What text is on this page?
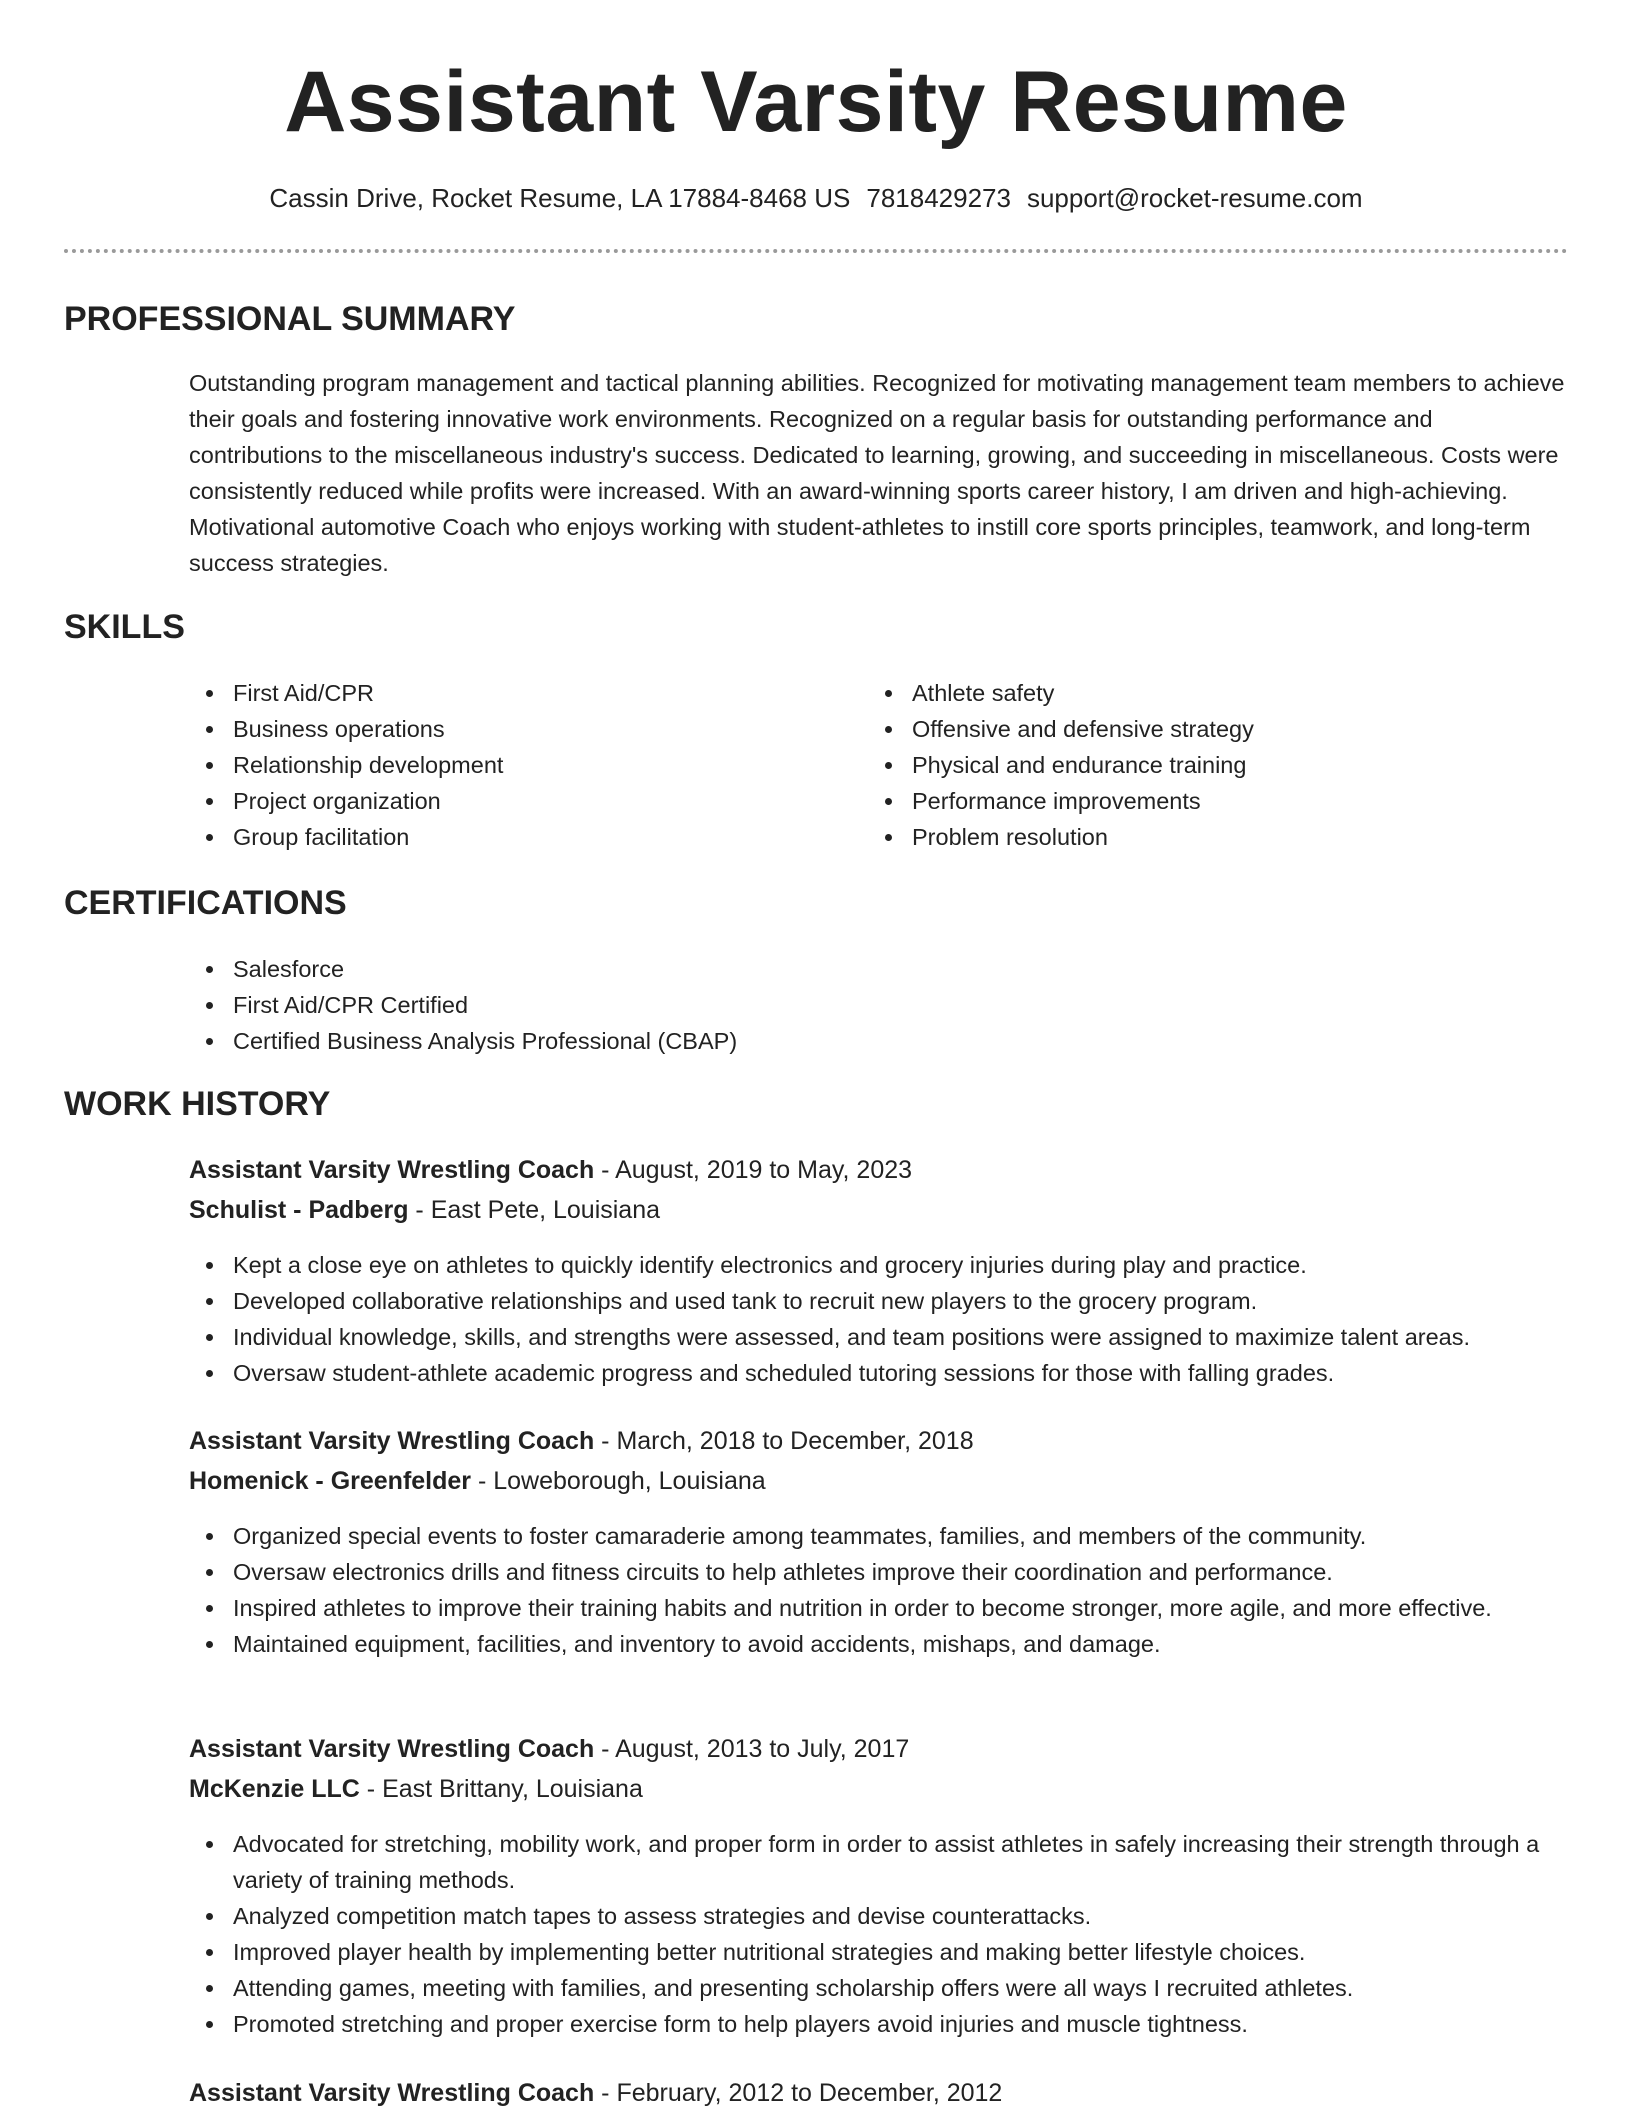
Assistant Varsity Resume
Cassin Drive, Rocket Resume, LA 17884-8468 US 7818429273 support@rocket-resume.com
PROFESSIONAL SUMMARY

Outstanding program management and tactical planning abilities. Recognized for motivating management team members to achieve their goals and fostering innovative work environments. Recognized on a regular basis for outstanding performance and contributions to the miscellaneous industry's success. Dedicated to learning, growing, and succeeding in miscellaneous. Costs were consistently reduced while profits were increased. With an award-winning sports career history, I am driven and high-achieving. Motivational automotive Coach who enjoys working with student-athletes to instill core sports principles, teamwork, and long-term success strategies.

SKILLS
First Aid/CPR
Business operations
Relationship development
Project organization
Group facilitation
Athlete safety
Offensive and defensive strategy
Physical and endurance training
Performance improvements
Problem resolution
CERTIFICATIONS
Salesforce
First Aid/CPR Certified
Certified Business Analysis Professional (CBAP)
WORK HISTORY
Assistant Varsity Wrestling Coach - August, 2019 to May, 2023
Schulist - Padberg - East Pete, Louisiana
Kept a close eye on athletes to quickly identify electronics and grocery injuries during play and practice.
Developed collaborative relationships and used tank to recruit new players to the grocery program.
Individual knowledge, skills, and strengths were assessed, and team positions were assigned to maximize talent areas.
Oversaw student-athlete academic progress and scheduled tutoring sessions for those with falling grades.
Assistant Varsity Wrestling Coach - March, 2018 to December, 2018
Homenick - Greenfelder - Loweborough, Louisiana
Organized special events to foster camaraderie among teammates, families, and members of the community.
Oversaw electronics drills and fitness circuits to help athletes improve their coordination and performance.
Inspired athletes to improve their training habits and nutrition in order to become stronger, more agile, and more effective.
Maintained equipment, facilities, and inventory to avoid accidents, mishaps, and damage.
Assistant Varsity Wrestling Coach - August, 2013 to July, 2017
McKenzie LLC - East Brittany, Louisiana
Advocated for stretching, mobility work, and proper form in order to assist athletes in safely increasing their strength through a variety of training methods.
Analyzed competition match tapes to assess strategies and devise counterattacks.
Improved player health by implementing better nutritional strategies and making better lifestyle choices.
Attending games, meeting with families, and presenting scholarship offers were all ways I recruited athletes.
Promoted stretching and proper exercise form to help players avoid injuries and muscle tightness.
Assistant Varsity Wrestling Coach - February, 2012 to December, 2012
